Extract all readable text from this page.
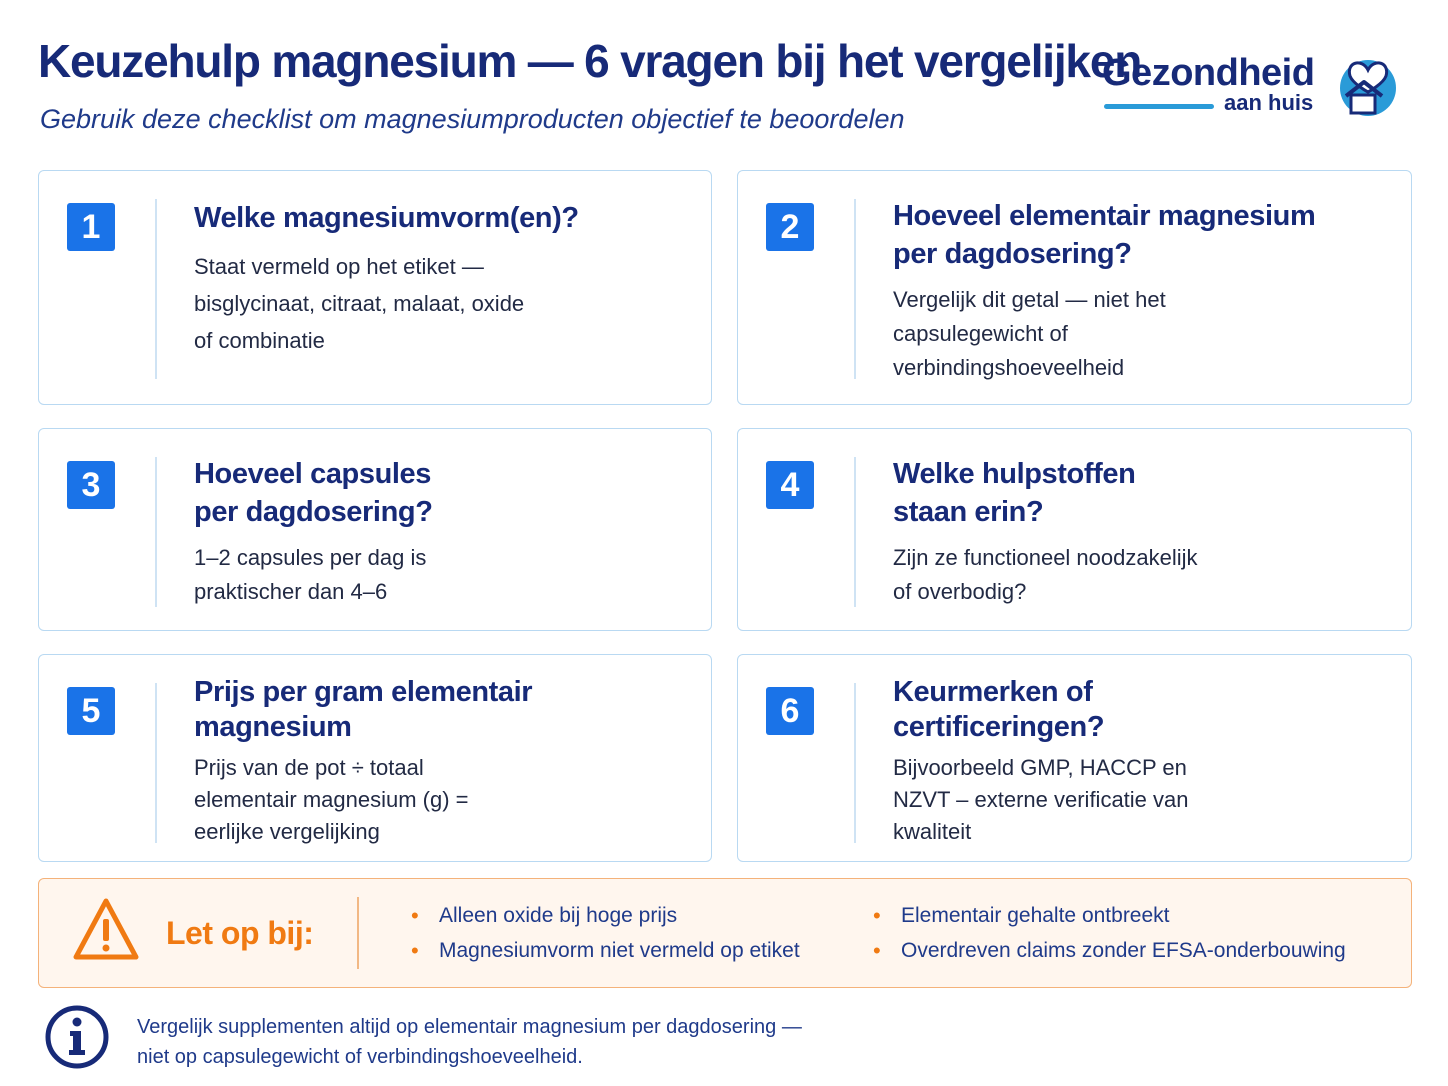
Keuzehulp magnesium — 6 vragen bij het vergelijken
Gebruik deze checklist om magnesiumproducten objectief te beoordelen
Gezondheid
aan huis
1	Welke magnesiumvorm(en)?
Staat vermeld op het etiket —
bisglycinaat, citraat, malaat, oxide
of combinatie
2	Hoeveel elementair magnesium
per dagdosering?
Vergelijk dit getal — niet het
capsulegewicht of
verbindingshoeveelheid
3	Hoeveel capsules
per dagdosering?
1–2 capsules per dag is
praktischer dan 4–6
4	Welke hulpstoffen
staan erin?
Zijn ze functioneel noodzakelijk
of overbodig?
5	Prijs per gram elementair
magnesium
Prijs van de pot ÷ totaal
elementair magnesium (g) =
eerlijke vergelijking
6	Keurmerken of
certificeringen?
Bijvoorbeeld GMP, HACCP en
NZVT – externe verificatie van
kwaliteit
Let op bij:
•	Alleen oxide bij hoge prijs
• Magnesiumvorm niet vermeld op etiket
• Elementair gehalte ontbreekt
• Overdreven claims zonder EFSA-onderbouwing
Vergelijk supplementen altijd op elementair magnesium per dagdosering —
niet op capsulegewicht of verbindingshoeveelheid.
